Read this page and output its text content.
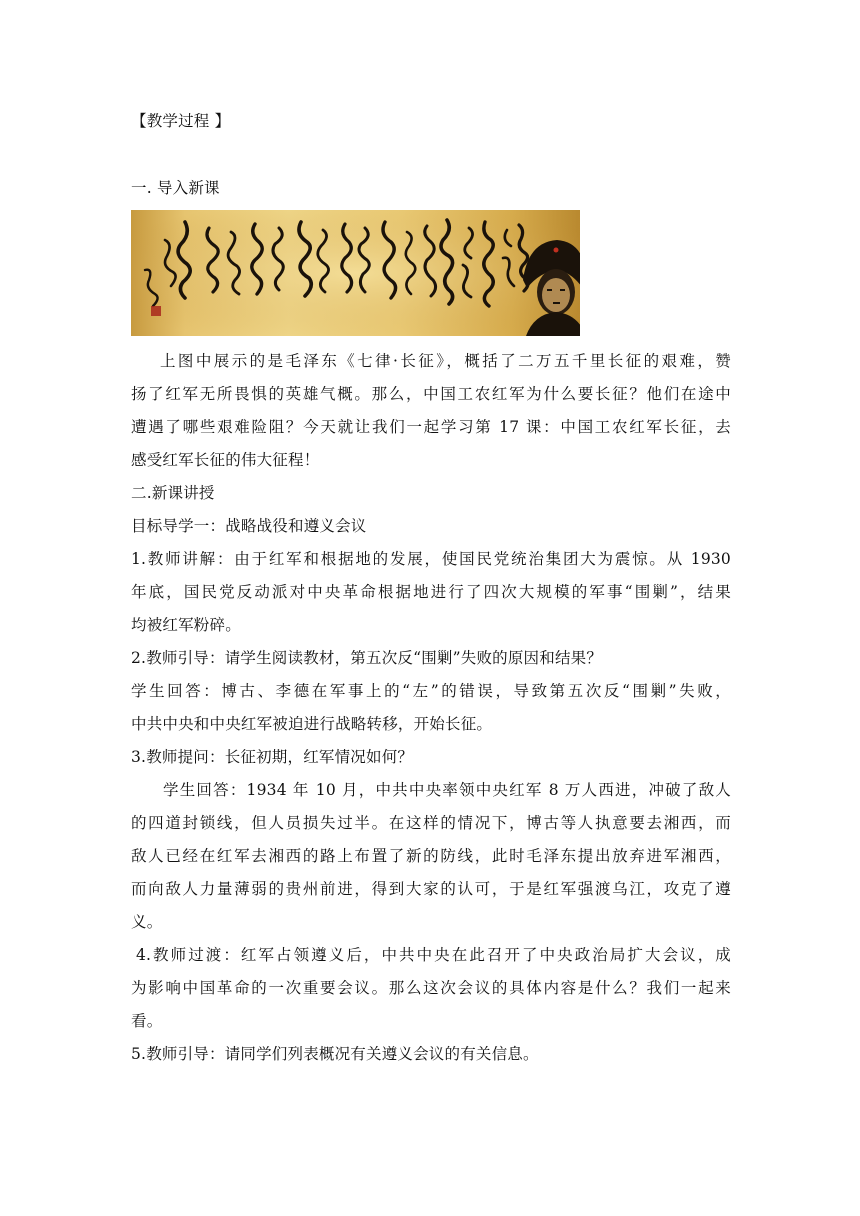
【教学过程 】
一. 导入新课
上图中展示的是毛泽东《七律·长征》，概括了二万五千里长征的艰难，赞
扬了红军无所畏惧的英雄气概。那么，中国工农红军为什么要长征？他们在途中
遭遇了哪些艰难险阻？今天就让我们一起学习第 17 课：中国工农红军长征，去
感受红军长征的伟大征程！
二.新课讲授
目标导学一：战略战役和遵义会议
1.教师讲解：由于红军和根据地的发展，使国民党统治集团大为震惊。从 1930
年底，国民党反动派对中央革命根据地进行了四次大规模的军事“围剿”，结果
均被红军粉碎。
2.教师引导：请学生阅读教材，第五次反“围剿”失败的原因和结果？
学生回答：博古、李德在军事上的“左”的错误，导致第五次反“围剿”失败，
中共中央和中央红军被迫进行战略转移，开始长征。
3.教师提问：长征初期，红军情况如何？
学生回答：1934 年 10 月，中共中央率领中央红军 8 万人西进，冲破了敌人
的四道封锁线，但人员损失过半。在这样的情况下，博古等人执意要去湘西，而
敌人已经在红军去湘西的路上布置了新的防线，此时毛泽东提出放弃进军湘西，
而向敌人力量薄弱的贵州前进，得到大家的认可，于是红军强渡乌江，攻克了遵
义。
4.教师过渡：红军占领遵义后，中共中央在此召开了中央政治局扩大会议，成
为影响中国革命的一次重要会议。那么这次会议的具体内容是什么？我们一起来
看。
5.教师引导：请同学们列表概况有关遵义会议的有关信息。
